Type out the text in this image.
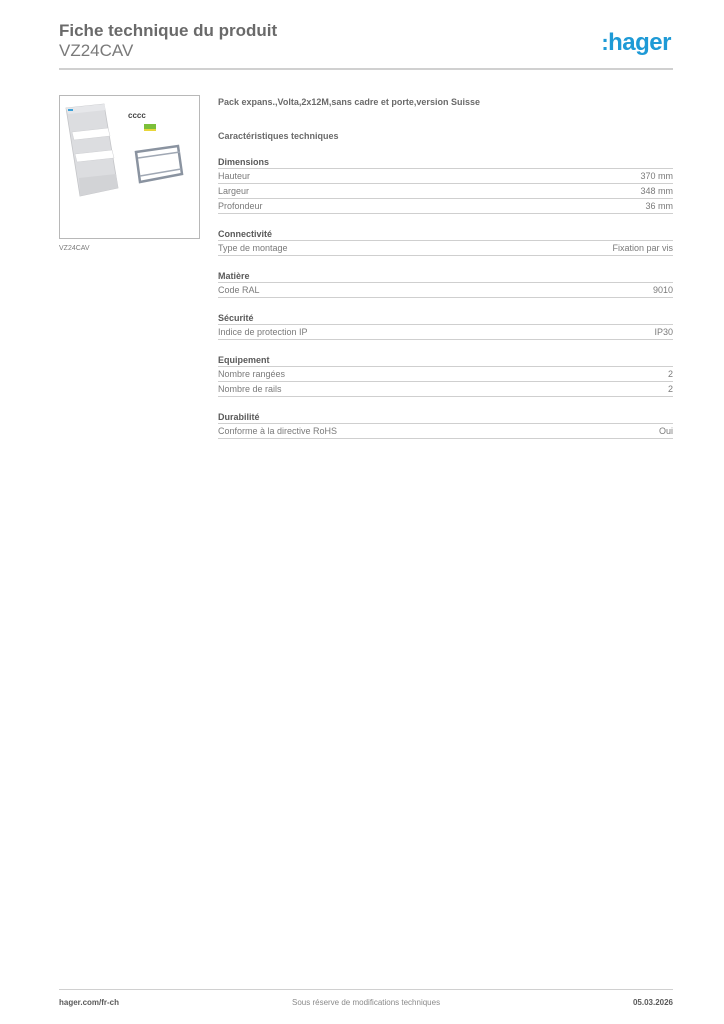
Fiche technique du produit
VZ24CAV	:hager
cccc
VZ24CAV
Pack expans.,Volta,2x12M,sans cadre et porte,version Suisse
Caractéristiques techniques
Dimensions
Hauteur	370 mm
Largeur	348 mm
Profondeur	36 mm
Connectivité
Type de montage	Fixation par vis
Matière
Code RAL	9010
Sécurité
Indice de protection IP	IP30
Equipement
Nombre rangées	2
Nombre de rails	2
Durabilité
Conforme à la directive RoHS	Oui
hager.com/fr-ch	Sous réserve de modifications techniques	05.03.2026
